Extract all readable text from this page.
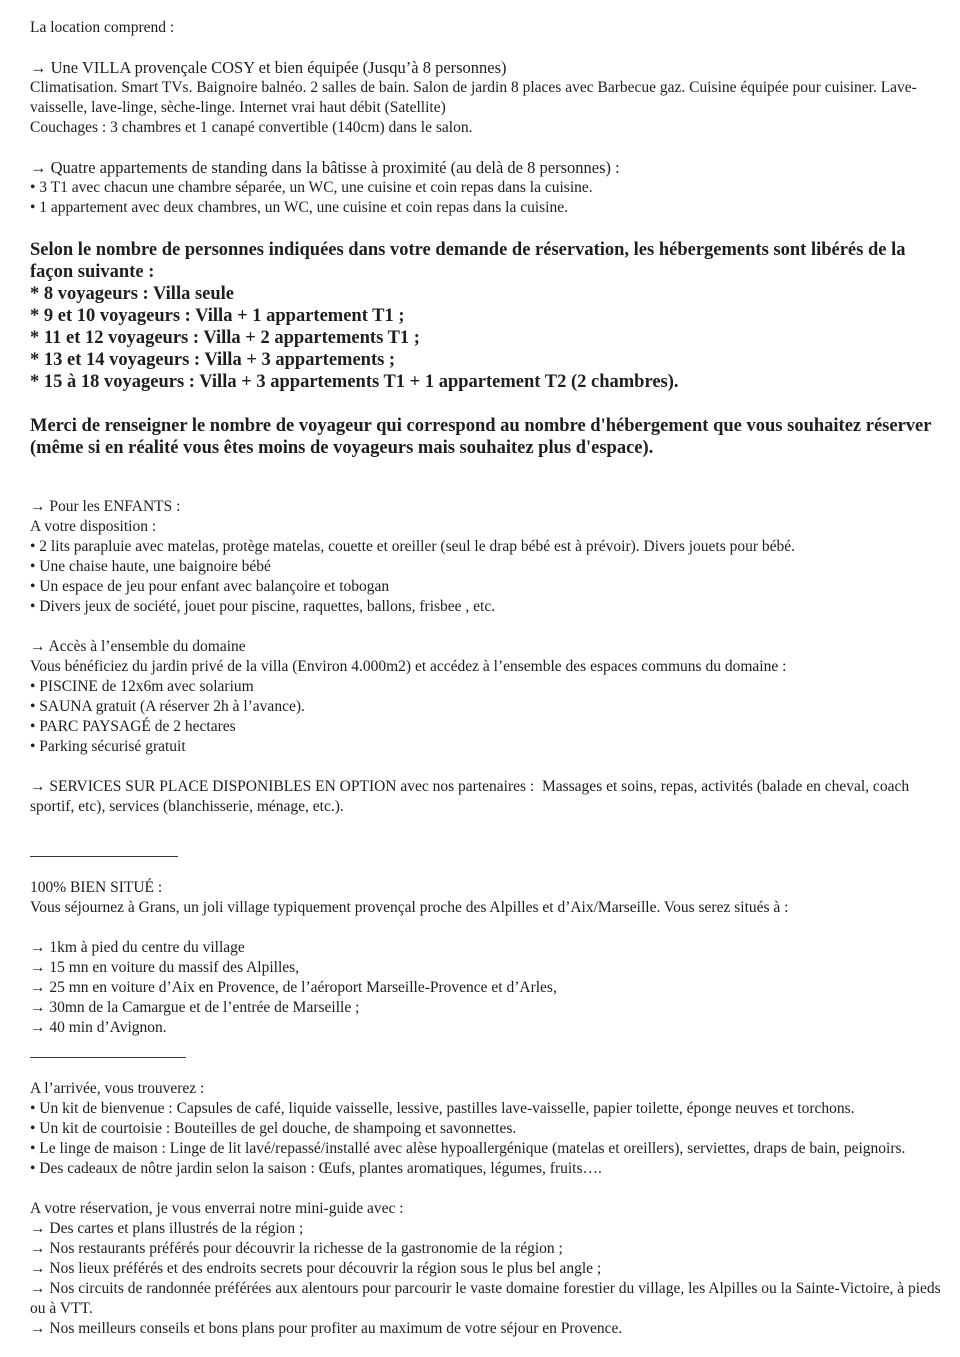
La location comprend :
→ Une VILLA provençale COSY et bien équipée (Jusqu’à 8 personnes)
Climatisation. Smart TVs. Baignoire balnéo. 2 salles de bain. Salon de jardin 8 places avec Barbecue gaz. Cuisine équipée pour cuisiner. Lave-vaisselle, lave-linge, sèche-linge. Internet vrai haut débit (Satellite)
Couchages : 3 chambres et 1 canapé convertible (140cm) dans le salon.
→ Quatre appartements de standing dans la bâtisse à proximité (au delà de 8 personnes) :
• 3 T1 avec chacun une chambre séparée, un WC, une cuisine et coin repas dans la cuisine.
• 1 appartement avec deux chambres, un WC, une cuisine et coin repas dans la cuisine.
Selon le nombre de personnes indiquées dans votre demande de réservation, les hébergements sont libérés de la façon suivante :
* 8 voyageurs : Villa seule
* 9 et 10 voyageurs : Villa + 1 appartement T1 ;
* 11 et 12 voyageurs : Villa + 2 appartements T1 ;
* 13 et 14 voyageurs : Villa + 3 appartements ;
* 15 à 18 voyageurs : Villa + 3 appartements T1 + 1 appartement T2 (2 chambres).
Merci de renseigner le nombre de voyageur qui correspond au nombre d'hébergement que vous souhaitez réserver (même si en réalité vous êtes moins de voyageurs mais souhaitez plus d'espace).
→ Pour les ENFANTS :
A votre disposition :
• 2 lits parapluie avec matelas, protège matelas, couette et oreiller (seul le drap bébé est à prévoir). Divers jouets pour bébé.
• Une chaise haute, une baignoire bébé
• Un espace de jeu pour enfant avec balançoire et tobogan
• Divers jeux de société, jouet pour piscine, raquettes, ballons, frisbee , etc.
→ Accès à l’ensemble du domaine
Vous bénéficiez du jardin privé de la villa (Environ 4.000m2) et accédez à l’ensemble des espaces communs du domaine :
• PISCINE de 12x6m avec solarium
• SAUNA gratuit (A réserver 2h à l’avance).
• PARC PAYSAGÉ de 2 hectares
• Parking sécurisé gratuit
→ SERVICES SUR PLACE DISPONIBLES EN OPTION avec nos partenaires :  Massages et soins, repas, activités (balade en cheval, coach sportif, etc), services (blanchisserie, ménage, etc.).
100% BIEN SITUÉ :
Vous séjournez à Grans, un joli village typiquement provençal proche des Alpilles et d’Aix/Marseille. Vous serez situés à :
→ 1km à pied du centre du village
→ 15 mn en voiture du massif des Alpilles,
→ 25 mn en voiture d’Aix en Provence, de l’aéroport Marseille-Provence et d’Arles,
→ 30mn de la Camargue et de l’entrée de Marseille ;
→ 40 min d’Avignon.
A l’arrivée, vous trouverez :
• Un kit de bienvenue : Capsules de café, liquide vaisselle, lessive, pastilles lave-vaisselle, papier toilette, éponge neuves et torchons.
• Un kit de courtoisie : Bouteilles de gel douche, de shampoing et savonnettes.
• Le linge de maison : Linge de lit lavé/repassé/installé avec alèse hypoallergénique (matelas et oreillers), serviettes, draps de bain, peignoirs.
• Des cadeaux de nôtre jardin selon la saison : Œufs, plantes aromatiques, légumes, fruits….
A votre réservation, je vous enverrai notre mini-guide avec :
→ Des cartes et plans illustrés de la région ;
→ Nos restaurants préférés pour découvrir la richesse de la gastronomie de la région ;
→ Nos lieux préférés et des endroits secrets pour découvrir la région sous le plus bel angle ;
→ Nos circuits de randonnée préférées aux alentours pour parcourir le vaste domaine forestier du village, les Alpilles ou la Sainte-Victoire, à pieds ou à VTT.
→ Nos meilleurs conseils et bons plans pour profiter au maximum de votre séjour en Provence.
